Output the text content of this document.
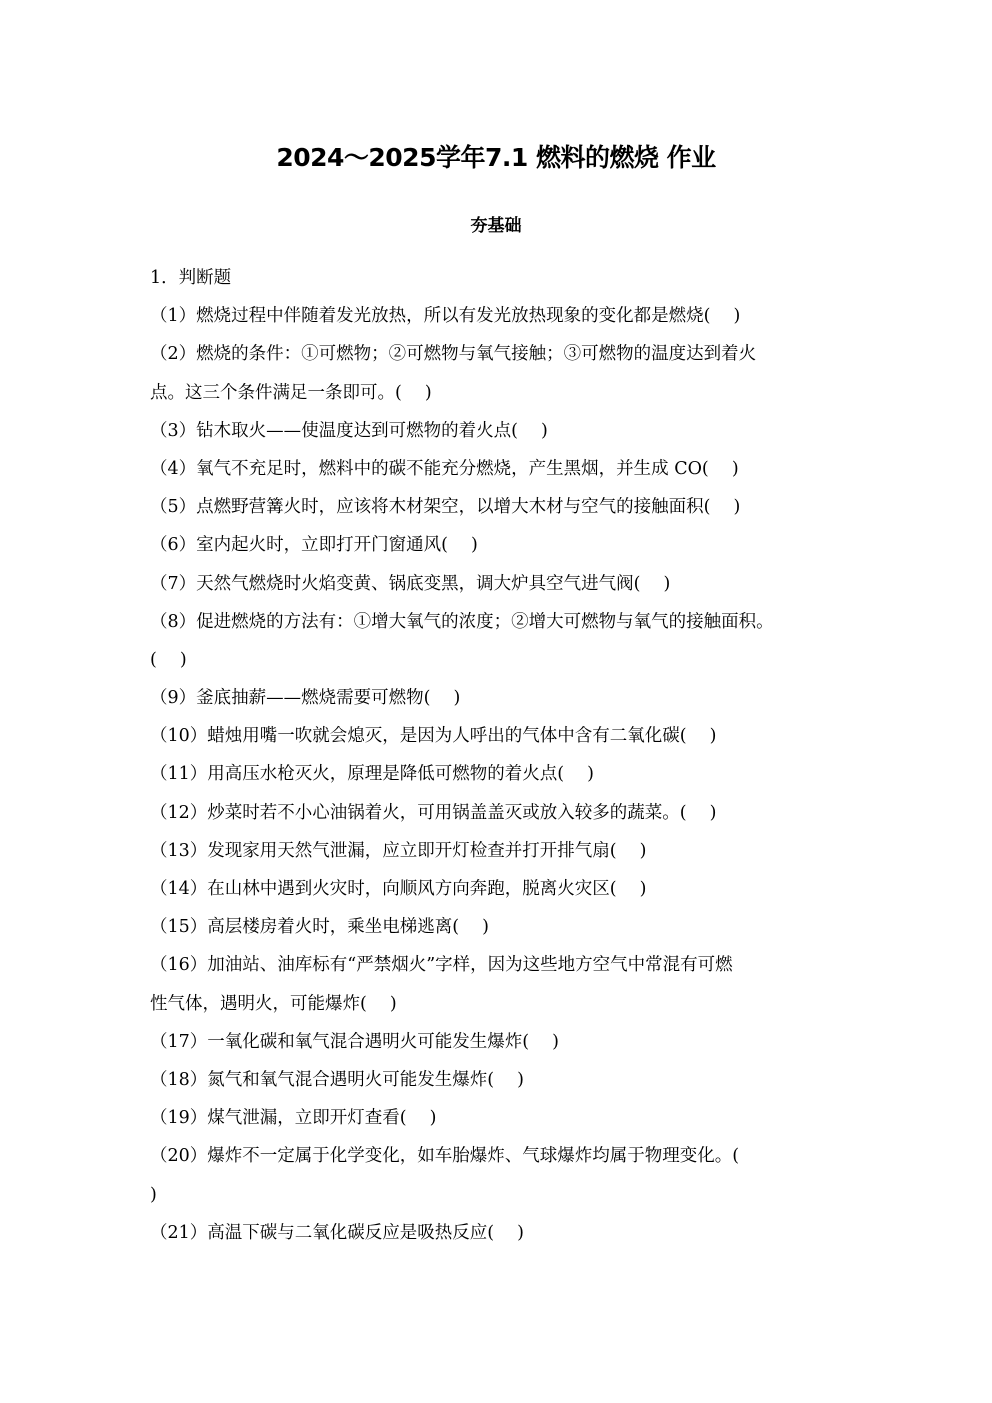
2024～2025学年7.1 燃料的燃烧 作业
夯基础
1．判断题
（1）燃烧过程中伴随着发光放热，所以有发光放热现象的变化都是燃烧(　 )
（2）燃烧的条件：①可燃物；②可燃物与氧气接触；③可燃物的温度达到着火
点。这三个条件满足一条即可。(　 )
（3）钻木取火——使温度达到可燃物的着火点(　 )
（4）氧气不充足时，燃料中的碳不能充分燃烧，产生黑烟，并生成 CO(　 )
（5）点燃野营篝火时，应该将木材架空，以增大木材与空气的接触面积(　 )
（6）室内起火时，立即打开门窗通风(　 )
（7）天然气燃烧时火焰变黄、锅底变黑，调大炉具空气进气阀(　 )
（8）促进燃烧的方法有：①增大氧气的浓度；②增大可燃物与氧气的接触面积。
(　 )
（9）釜底抽薪——燃烧需要可燃物(　 )
（10）蜡烛用嘴一吹就会熄灭，是因为人呼出的气体中含有二氧化碳(　 )
（11）用高压水枪灭火，原理是降低可燃物的着火点(　 )
（12）炒菜时若不小心油锅着火，可用锅盖盖灭或放入较多的蔬菜。(　 )
（13）发现家用天然气泄漏，应立即开灯检查并打开排气扇(　 )
（14）在山林中遇到火灾时，向顺风方向奔跑，脱离火灾区(　 )
（15）高层楼房着火时，乘坐电梯逃离(　 )
（16）加油站、油库标有“严禁烟火”字样，因为这些地方空气中常混有可燃
性气体，遇明火，可能爆炸(　 )
（17）一氧化碳和氧气混合遇明火可能发生爆炸(　 )
（18）氮气和氧气混合遇明火可能发生爆炸(　 )
（19）煤气泄漏，立即开灯查看(　 )
（20）爆炸不一定属于化学变化，如车胎爆炸、气球爆炸均属于物理变化。(
)
（21）高温下碳与二氧化碳反应是吸热反应(　 )
